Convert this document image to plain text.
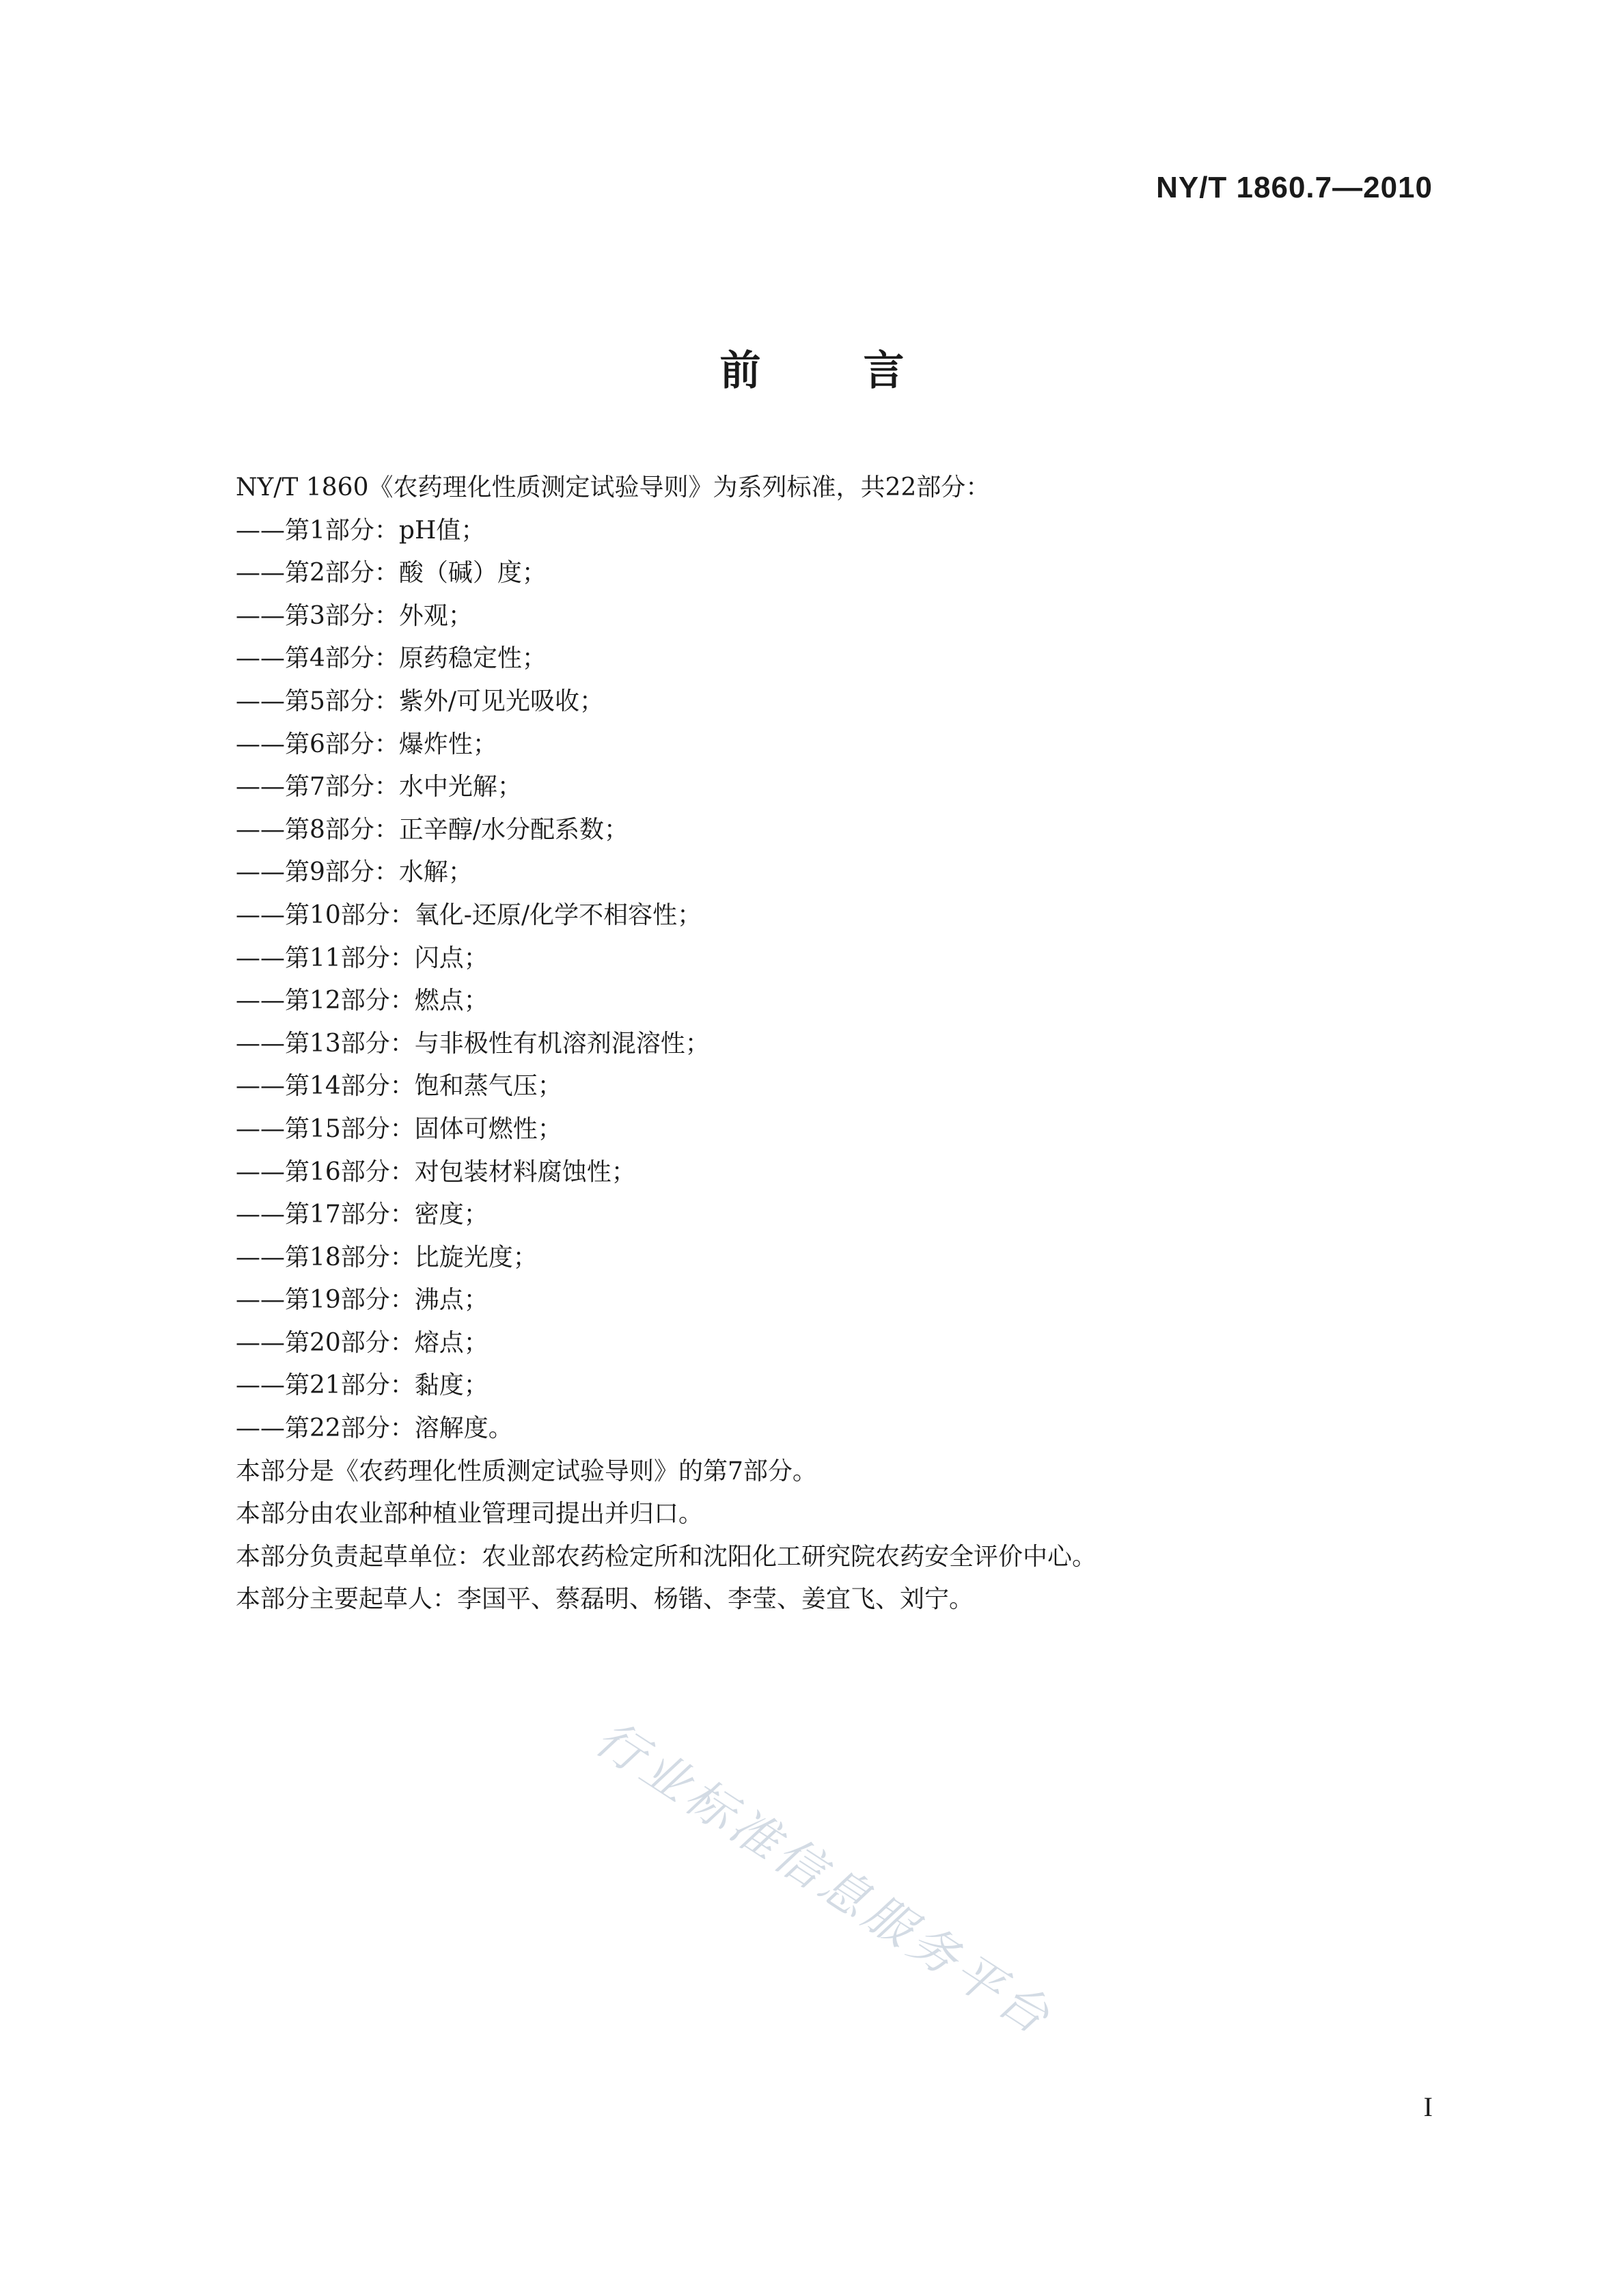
NY/T 1860.7—2010
前言
NY/T 1860《农药理化性质测定试验导则》为系列标准，共22部分：
——第1部分：pH值；
——第2部分：酸（碱）度；
——第3部分：外观；
——第4部分：原药稳定性；
——第5部分：紫外/可见光吸收；
——第6部分：爆炸性；
——第7部分：水中光解；
——第8部分：正辛醇/水分配系数；
——第9部分：水解；
——第10部分：氧化-还原/化学不相容性；
——第11部分：闪点；
——第12部分：燃点；
——第13部分：与非极性有机溶剂混溶性；
——第14部分：饱和蒸气压；
——第15部分：固体可燃性；
——第16部分：对包装材料腐蚀性；
——第17部分：密度；
——第18部分：比旋光度；
——第19部分：沸点；
——第20部分：熔点；
——第21部分：黏度；
——第22部分：溶解度。
本部分是《农药理化性质测定试验导则》的第7部分。
本部分由农业部种植业管理司提出并归口。
本部分负责起草单位：农业部农药检定所和沈阳化工研究院农药安全评价中心。
本部分主要起草人：李国平、蔡磊明、杨锴、李莹、姜宜飞、刘宁。
行业标准信息服务平台
I
